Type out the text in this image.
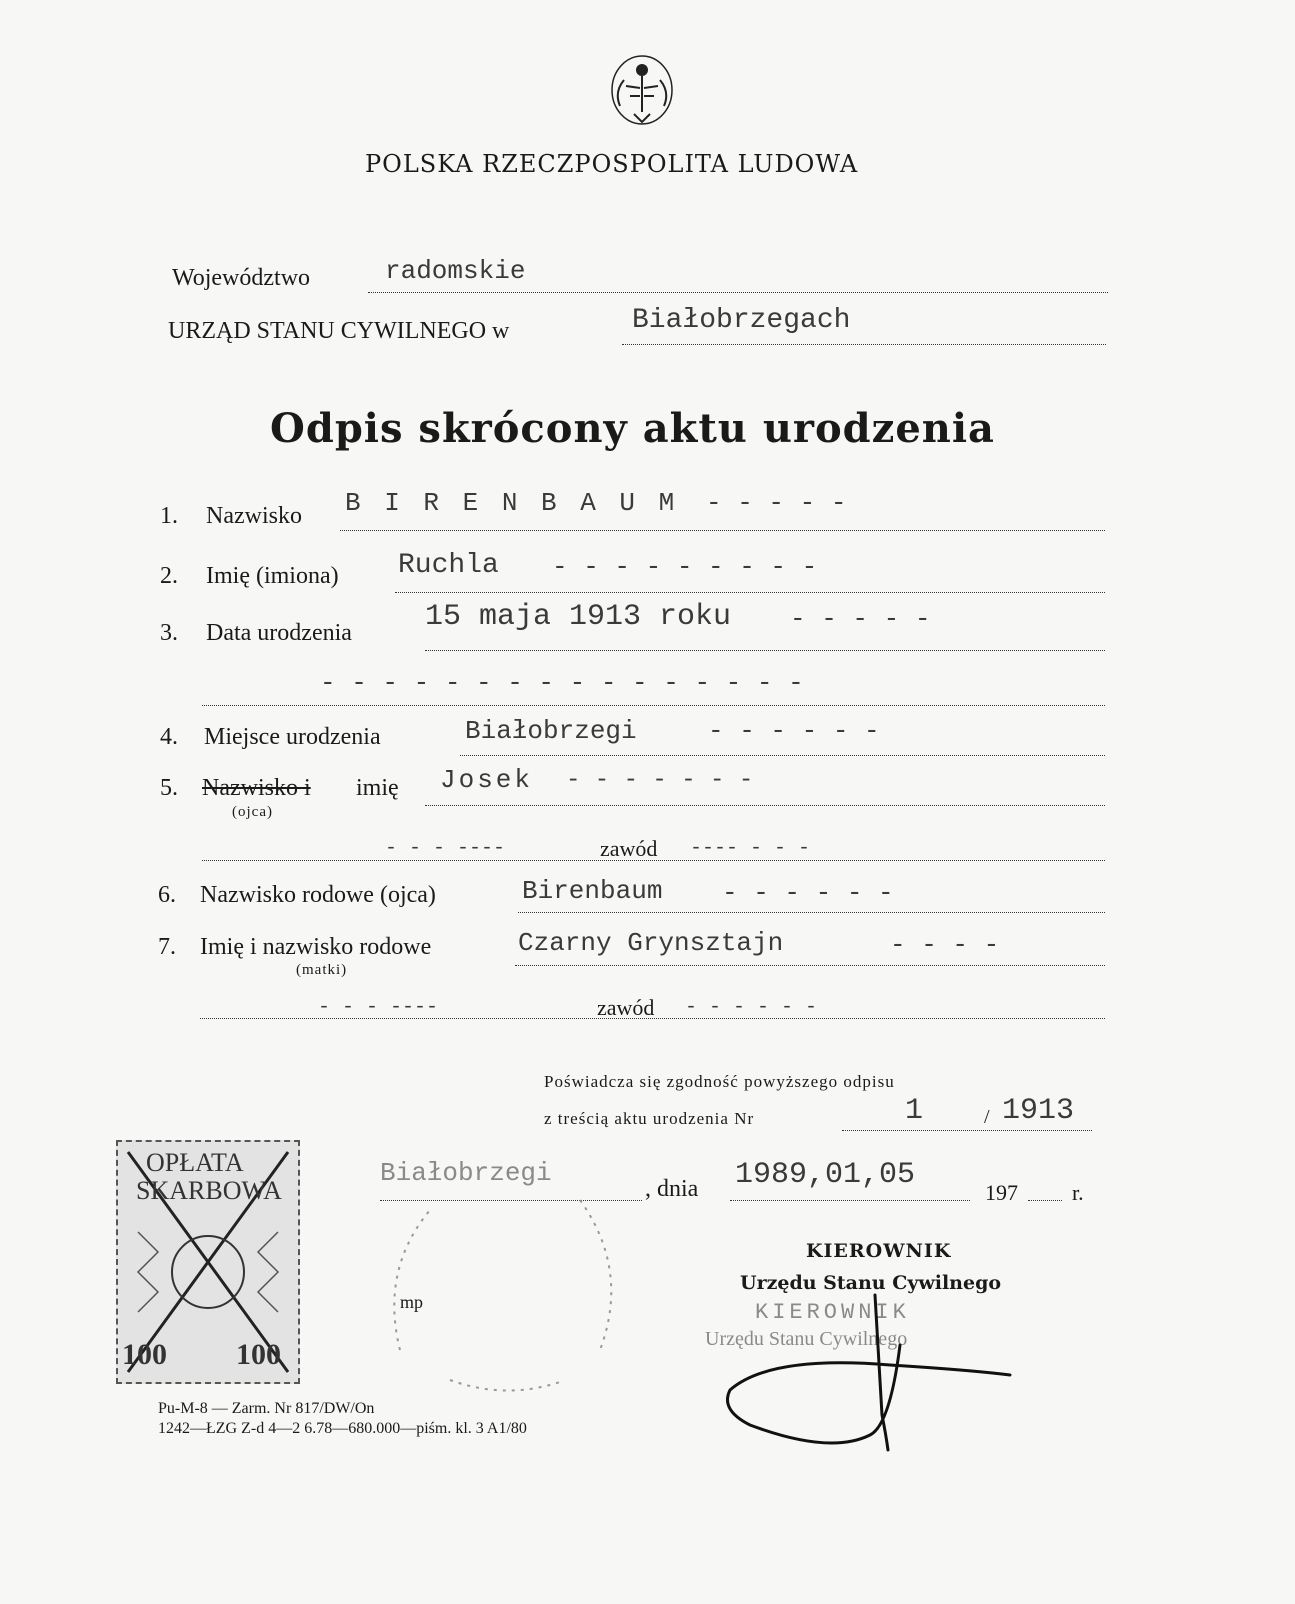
POLSKA RZECZPOSPOLITA LUDOWA
Województwo	radomskie
URZĄD STANU CYWILNEGO w	Białobrzegach
Odpis skrócony aktu urodzenia
1. Nazwisko B I R E N B A U M - - - - -
2. Imię (imiona) Ruchla - - - - - - - - -
3. Data urodzenia 15 maja 1913 roku - - - - -
- - - - - - - - - - - - - - - -
4. Miejsce urodzenia	Białobrzegi	- - - - - -
5. Nazwisko i imię
(ojca)
Josek - - - - - - -
- - - ----	zawód ---- - - -
6. Nazwisko rodowe (ojca)	Birenbaum - - - - - -
7. Imię i nazwisko rodowe
(matki)
Czarny Grynsztajn	- - - -
- - - ----	zawód - - - - - -
Poświadcza się zgodność powyższego odpisu
z treścią aktu urodzenia Nr	1	/ 1913
Białobrzegi
, dnia 1989,01,05
197 r.
mp
KIEROWNIK
Urzędu Stanu Cywilnego
KIEROWNIK
Urzędu Stanu Cywilnego
OPŁATA
SKARBOWA
100 100
Pu-M-8 — Zarm. Nr 817/DW/On
1242—ŁZG Z-d 4—2 6.78—680.000—piśm. kl. 3 A1/80
